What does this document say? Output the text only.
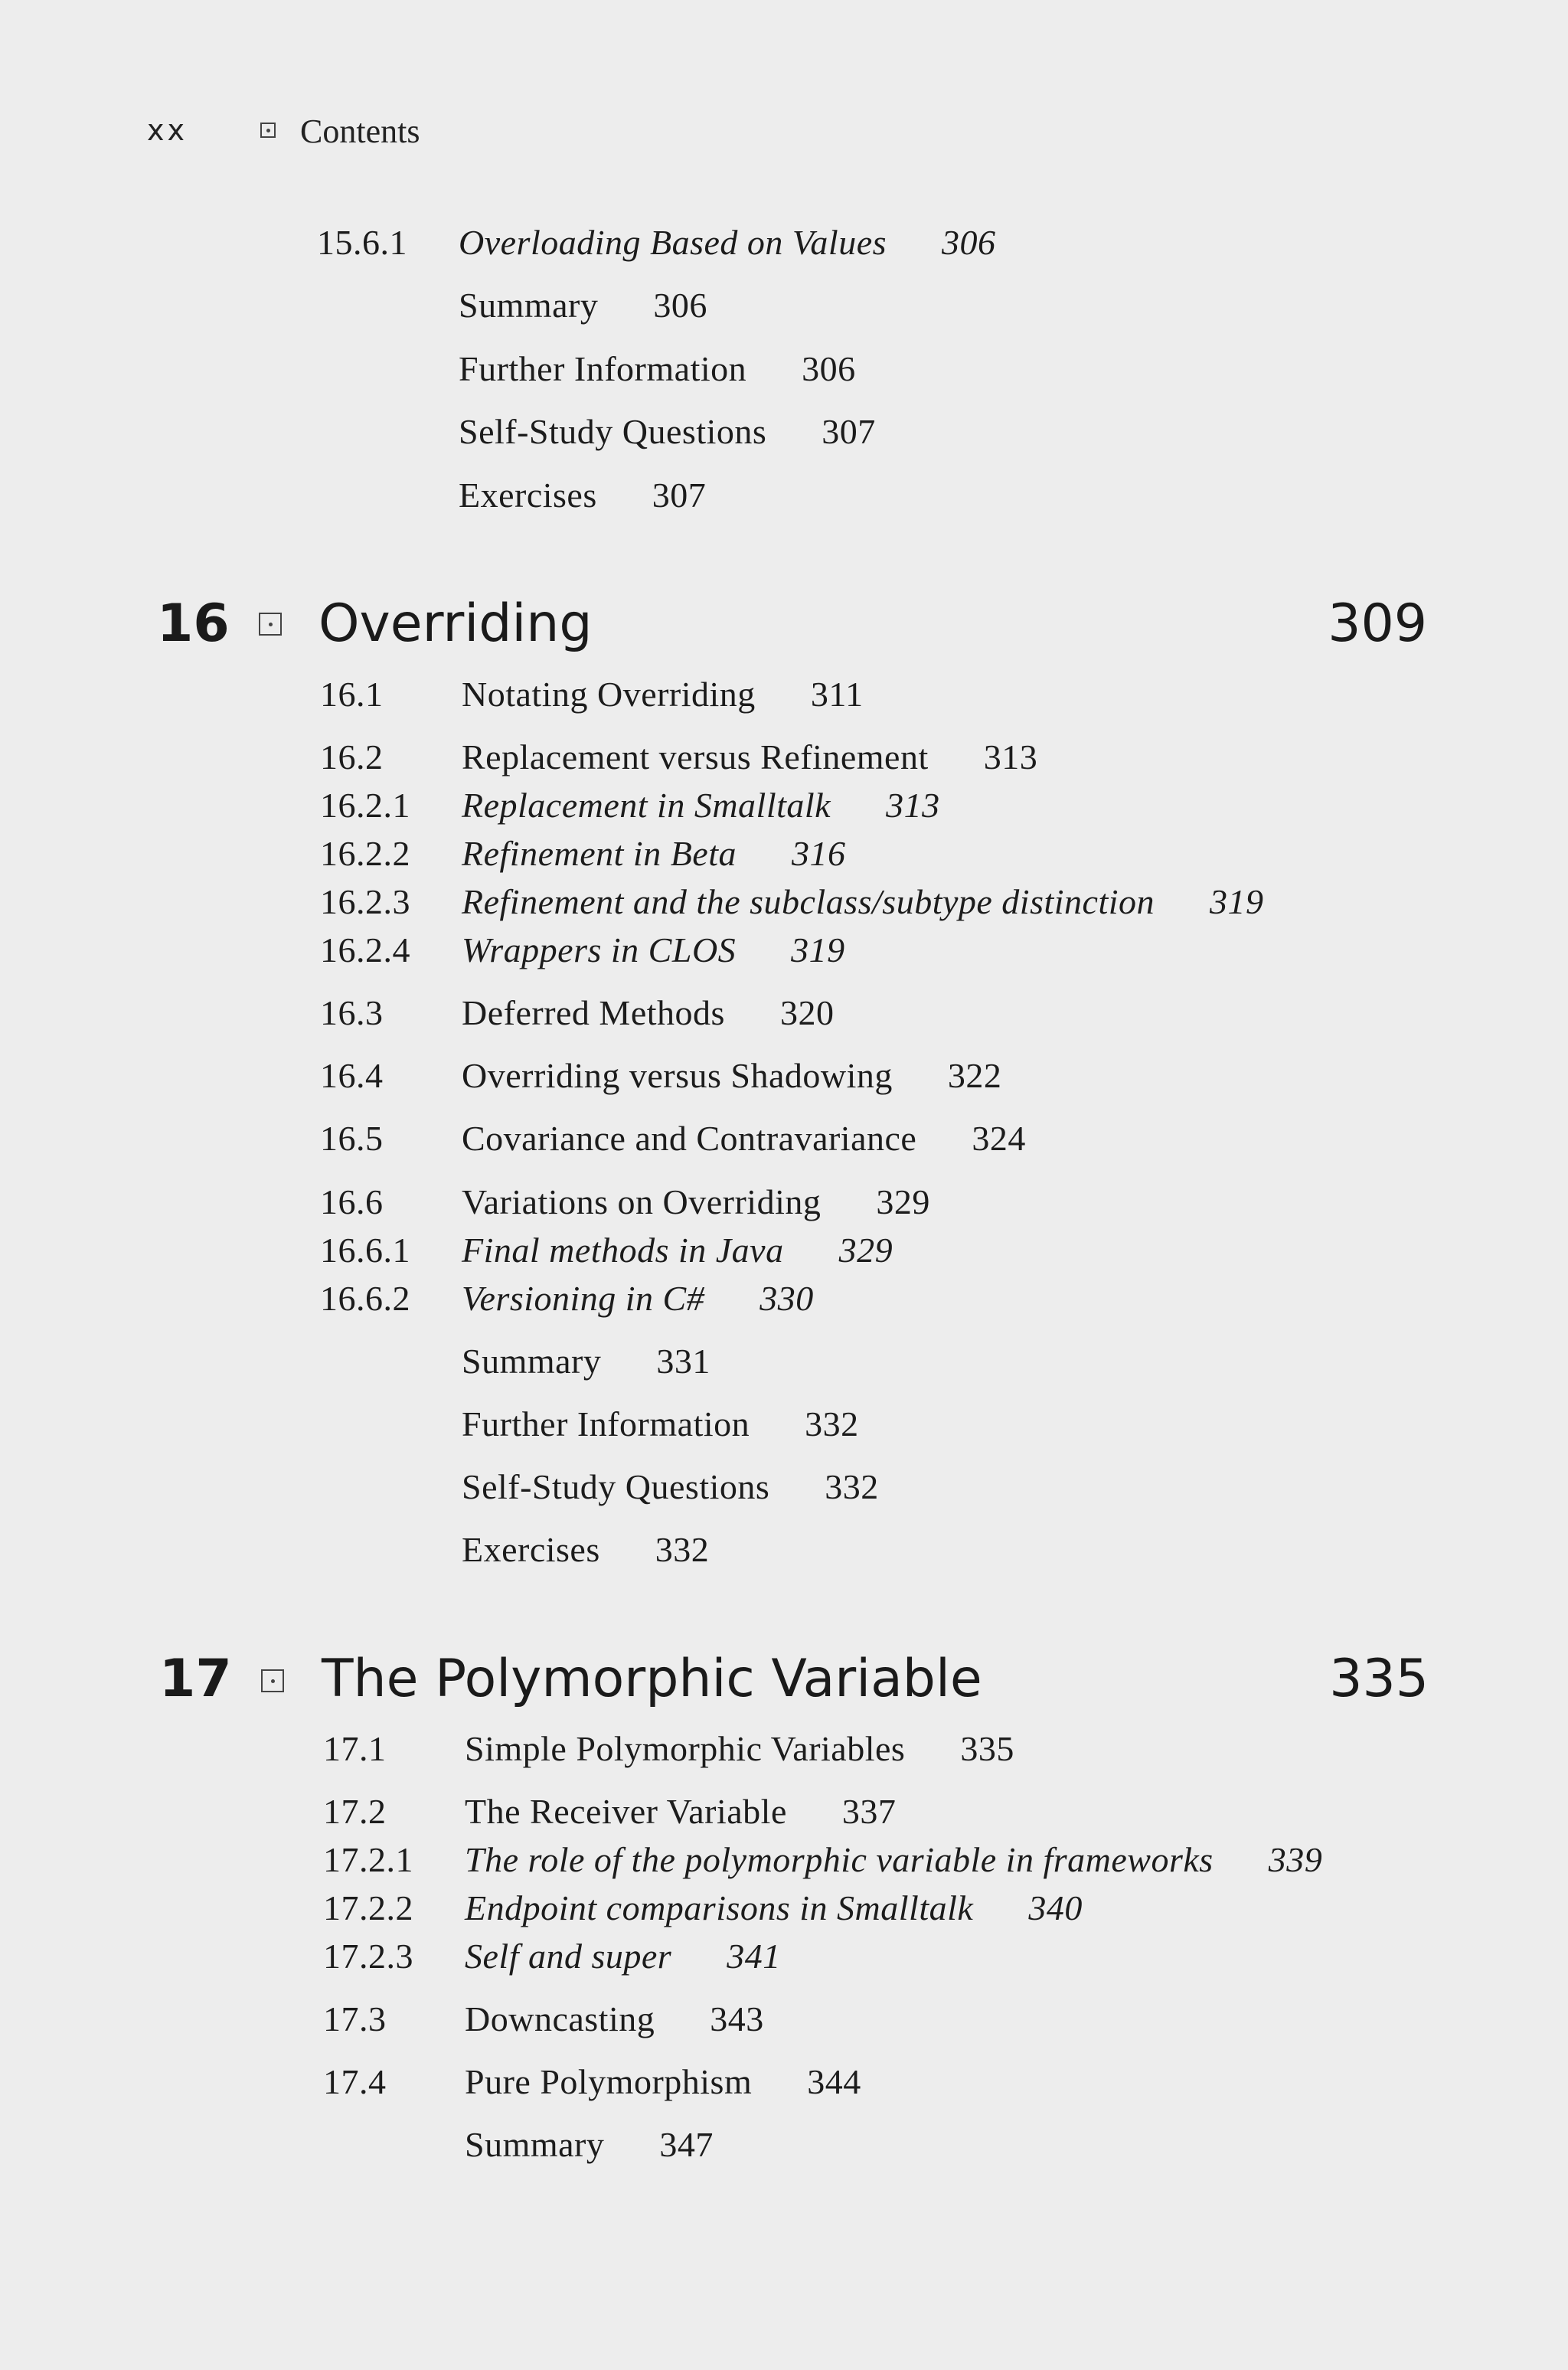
xx	Contents
15.6.1 Overloading Based on Values 306
Summary 306
Further Information 306
Self-Study Questions 307
Exercises 307
16 Overriding	309
16.1 Notating Overriding 311
16.2 Replacement versus Refinement 313
16.2.1 Replacement in Smalltalk 313
16.2.2 Refinement in Beta 316
16.2.3 Refinement and the subclass/subtype distinction 319
16.2.4 Wrappers in CLOS 319
16.3 Deferred Methods 320
16.4 Overriding versus Shadowing 322
16.5 Covariance and Contravariance 324
16.6 Variations on Overriding 329
16.6.1 Final methods in Java 329
16.6.2 Versioning in C# 330
Summary 331
Further Information 332
Self-Study Questions 332
Exercises 332
17 The Polymorphic Variable	335
17.1 Simple Polymorphic Variables 335
17.2 The Receiver Variable 337
17.2.1 The role of the polymorphic variable in frameworks 339
17.2.2 Endpoint comparisons in Smalltalk 340
17.2.3 Self and super 341
17.3 Downcasting 343
17.4 Pure Polymorphism 344
Summary 347
